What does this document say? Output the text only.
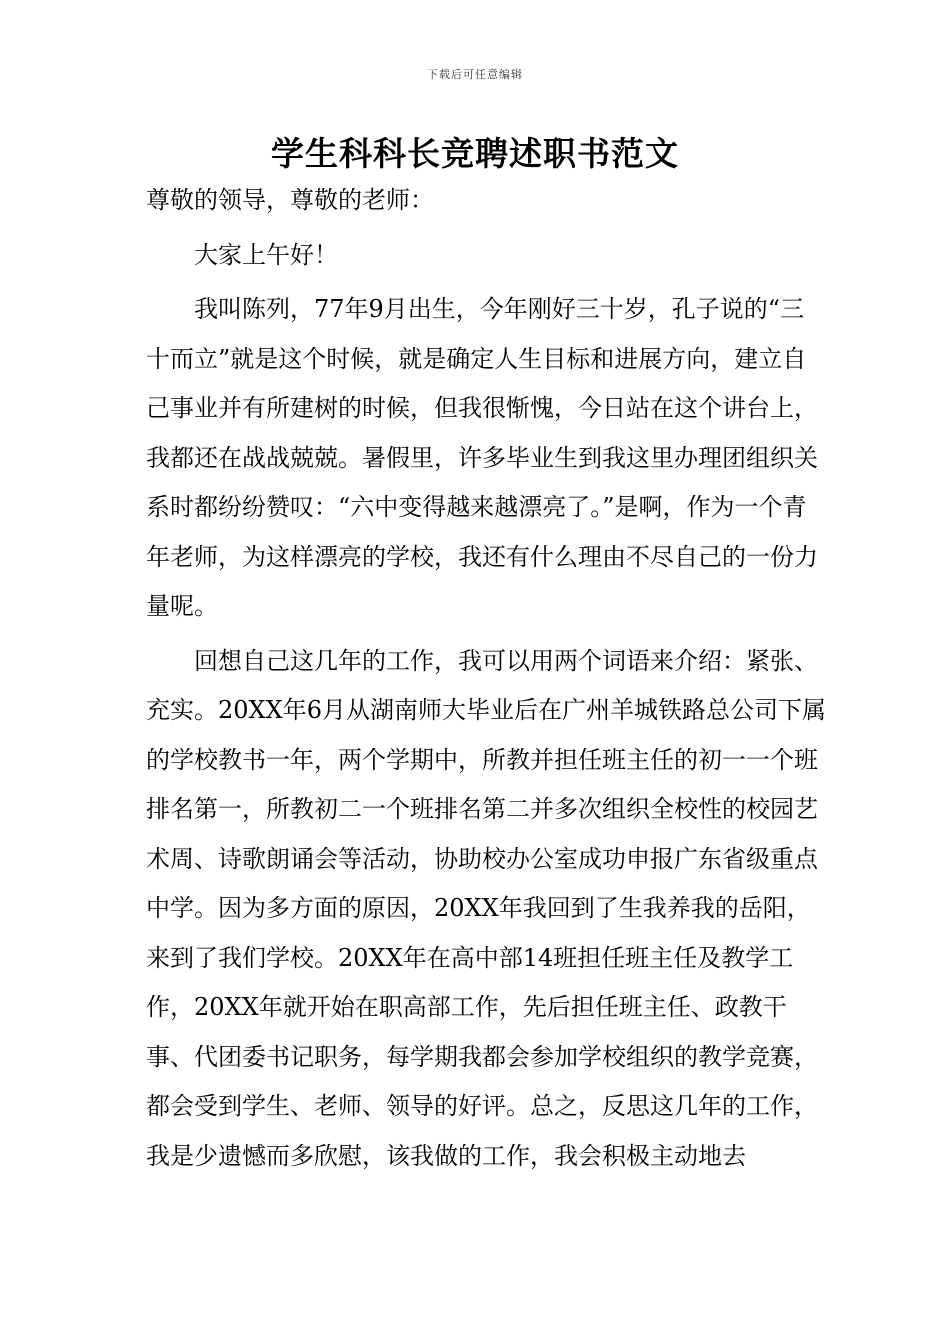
下载后可任意编辑
学生科科长竞聘述职书范文

尊敬的领导，尊敬的老师：

大家上午好！

我叫陈列，77年9月出生，今年刚好三十岁，孔子说的“三十而立”就是这个时候，就是确定人生目标和进展方向，建立自己事业并有所建树的时候，但我很惭愧，今日站在这个讲台上，我都还在战战兢兢。暑假里，许多毕业生到我这里办理团组织关系时都纷纷赞叹：“六中变得越来越漂亮了。”是啊，作为一个青年老师，为这样漂亮的学校，我还有什么理由不尽自己的一份力量呢。

回想自己这几年的工作，我可以用两个词语来介绍：紧张、充实。20XX年6月从湖南师大毕业后在广州羊城铁路总公司下属的学校教书一年，两个学期中，所教并担任班主任的初一一个班排名第一，所教初二一个班排名第二并多次组织全校性的校园艺术周、诗歌朗诵会等活动，协助校办公室成功申报广东省级重点中学。因为多方面的原因，20XX年我回到了生我养我的岳阳，来到了我们学校。20XX年在高中部14班担任班主任及教学工作，20XX年就开始在职高部工作，先后担任班主任、政教干事、代团委书记职务，每学期我都会参加学校组织的教学竞赛，都会受到学生、老师、领导的好评。总之，反思这几年的工作，我是少遗憾而多欣慰，该我做的工作，我会积极主动地去
